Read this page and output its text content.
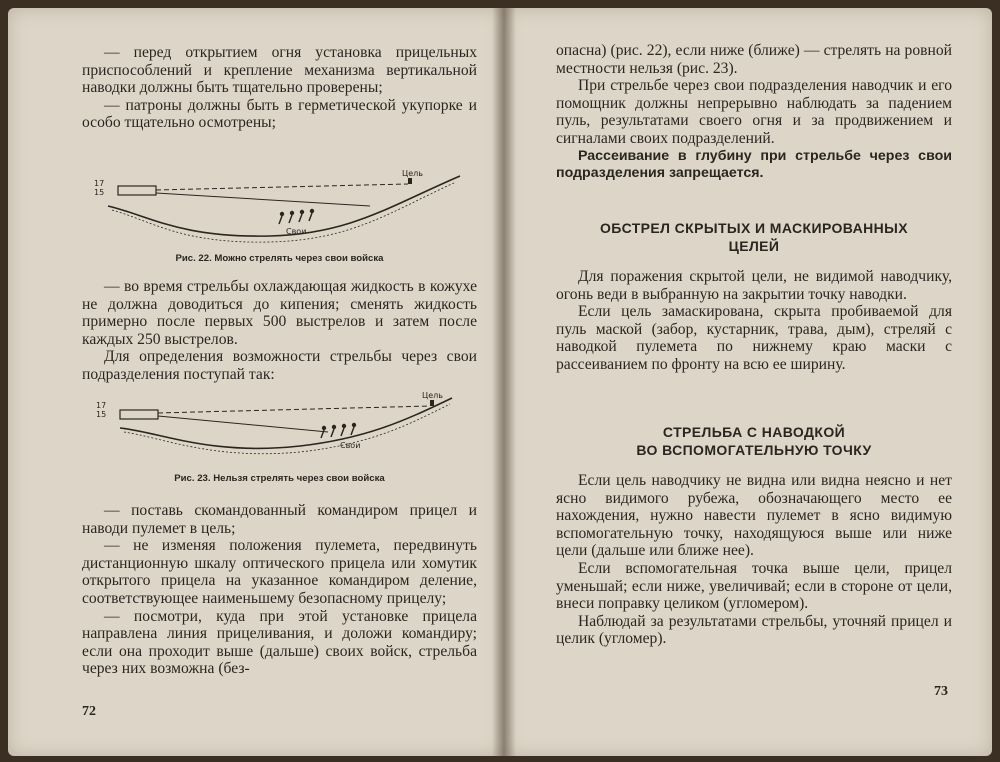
— перед открытием огня установка прицельных приспособлений и крепление механизма вертикальной наводки должны быть тщательно проверены;

— патроны должны быть в герметической укупорке и особо тщательно осмотрены;

Цель
Свои
17
15

Рис. 22. Можно стрелять через свои войска

— во время стрельбы охлаждающая жидкость в кожухе не должна доводиться до кипения; сменять жидкость примерно после первых 500 выстрелов и затем после каждых 250 выстрелов.

Для определения возможности стрельбы через свои подразделения поступай так:

Цель
Свои
17
15

Рис. 23. Нельзя стрелять через свои войска

— поставь скомандованный командиром прицел и наводи пулемет в цель;

— не изменяя положения пулемета, передвинуть дистанционную шкалу оптического прицела или хомутик открытого прицела на указанное командиром деление, соответствующее наименьшему безопасному прицелу;

— посмотри, куда при этой установке прицела направлена линия прицеливания, и доложи командиру; если она проходит выше (дальше) своих войск, стрельба через них возможна (без-

72

опасна) (рис. 22), если ниже (ближе) — стрелять на ровной местности нельзя (рис. 23).

При стрельбе через свои подразделения наводчик и его помощник должны непрерывно наблюдать за падением пуль, результатами своего огня и за продвижением и сигналами своих подразделений.

Рассеивание в глубину при стрельбе через свои подразделения запрещается.

ОБСТРЕЛ СКРЫТЫХ И МАСКИРОВАННЫХ

ЦЕЛЕЙ

Для поражения скрытой цели, не видимой наводчику, огонь веди в выбранную на закрытии точку наводки.

Если цель замаскирована, скрыта пробиваемой для пуль маской (забор, кустарник, трава, дым), стреляй с наводкой пулемета по нижнему краю маски с рассеиванием по фронту на всю ее ширину.

СТРЕЛЬБА С НАВОДКОЙ

ВО ВСПОМОГАТЕЛЬНУЮ ТОЧКУ

Если цель наводчику не видна или видна неясно и нет ясно видимого рубежа, обозначающего место ее нахождения, нужно навести пулемет в ясно видимую вспомогательную точку, находящуюся выше или ниже цели (дальше или ближе нее).

Если вспомогательная точка выше цели, прицел уменьшай; если ниже, увеличивай; если в стороне от цели, внеси поправку целиком (угломером).

Наблюдай за результатами стрельбы, уточняй прицел и целик (угломер).

73
